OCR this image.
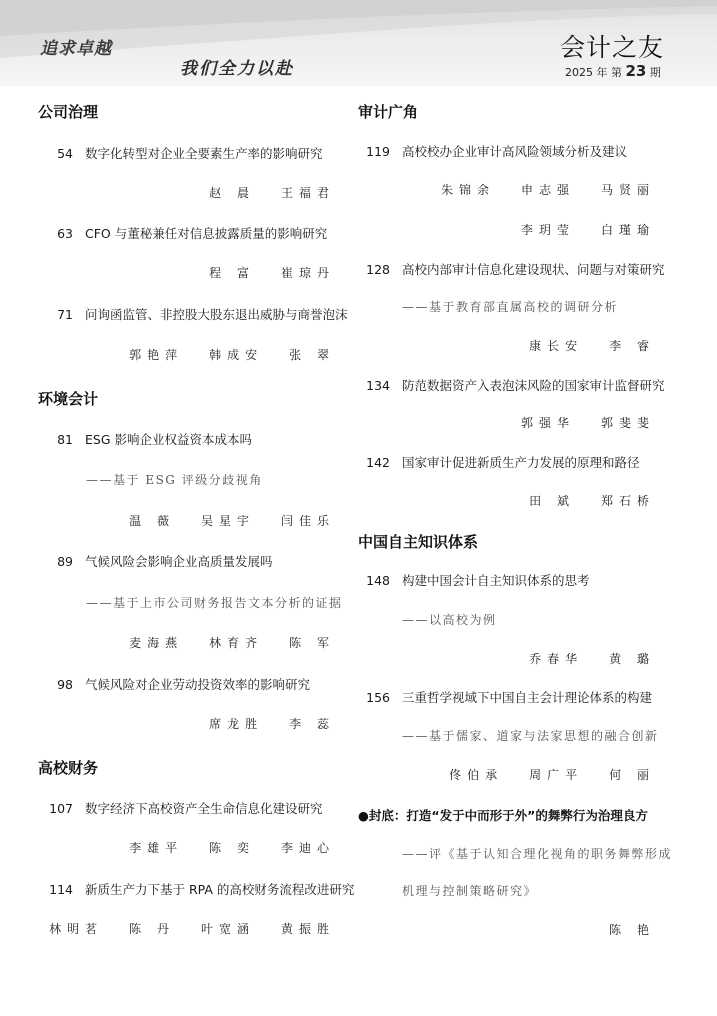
追求卓越
我们全力以赴
会计之友
2025 年 第 23 期
公司治理
54 数字化转型对企业全要素生产率的影响研究
赵 晨 王福君
63 CFO 与董秘兼任对信息披露质量的影响研究
程 富 崔琼丹
71 问询函监管、非控股大股东退出威胁与商誉泡沫
郭艳萍 韩成安 张 翠
环境会计
81 ESG 影响企业权益资本成本吗
——基于 ESG 评级分歧视角
温 薇 吴星宇 闫佳乐
89 气候风险会影响企业高质量发展吗
——基于上市公司财务报告文本分析的证据
麦海燕 林育齐 陈 军
98 气候风险对企业劳动投资效率的影响研究
席龙胜 李 蕊
高校财务
107 数字经济下高校资产全生命信息化建设研究
李雄平 陈 奕 李迪心
114 新质生产力下基于 RPA 的高校财务流程改进研究
林明茗 陈 丹 叶宽涵 黄振胜
审计广角
119 高校校办企业审计高风险领域分析及建议
朱锦余 申志强 马贤丽
李玥莹 白瑾瑜
128 高校内部审计信息化建设现状、问题与对策研究
——基于教育部直属高校的调研分析
康长安 李 睿
134 防范数据资产入表泡沫风险的国家审计监督研究
郭强华 郭斐斐
142 国家审计促进新质生产力发展的原理和路径
田 斌 郑石桥
中国自主知识体系
148 构建中国会计自主知识体系的思考
——以高校为例
乔春华 黄 璐
156 三重哲学视域下中国自主会计理论体系的构建
——基于儒家、道家与法家思想的融合创新
佟伯承 周广平 何 丽
●封底：打造“发于中而形于外”的舞弊行为治理良方
——评《基于认知合理化视角的职务舞弊形成
机理与控制策略研究》
陈 艳
